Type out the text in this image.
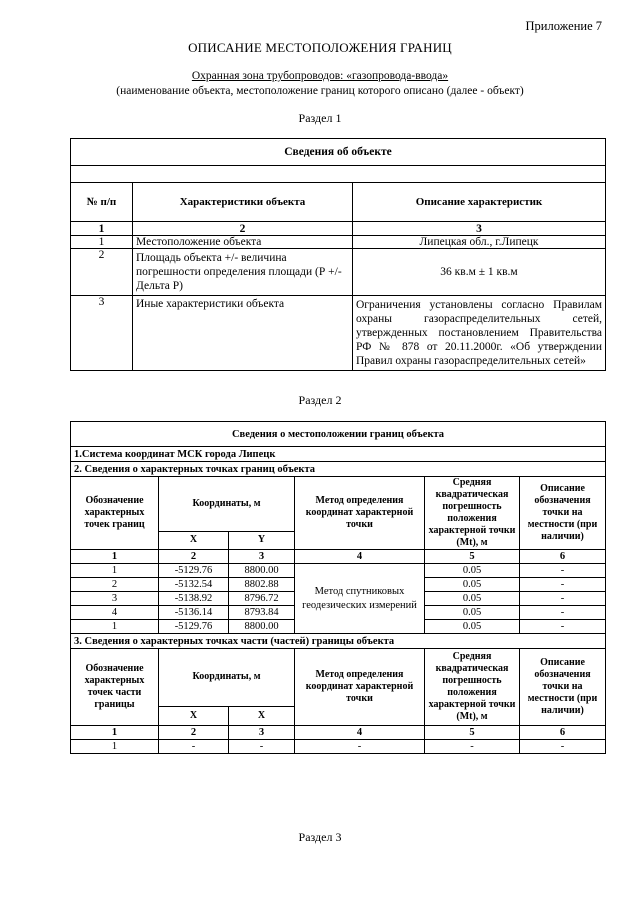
Приложение 7
ОПИСАНИЕ МЕСТОПОЛОЖЕНИЯ ГРАНИЦ
Охранная зона трубопроводов: «газопровода-ввода»
(наименование объекта, местоположение границ которого описано (далее - объект)
Раздел 1
Сведения об объекте		

№ п/п	Характеристики объекта	Описание характеристик
1	2	3
1	Местоположение объекта	Липецкая обл., г.Липецк
2	Площадь объекта +/- величина погрешности определения площади (Р +/- Дельта Р)	36 кв.м ± 1 кв.м
3	Иные характеристики объекта	Ограничения установлены согласно Правилам охраны газораспределительных сетей, утвержденных постановлением Правительства РФ № 878 от 20.11.2000г. «Об утверждении Правил охраны газораспределительных сетей»
Раздел 2
Сведения о местоположении границ объекта					
1.Система координат МСК города Липецк					
2. Сведения о характерных точках границ объекта					
Обозначение характерных точек границ	Координаты, м		Метод определения координат характерной точки	Средняя квадратическая погрешность положения характерной точки (Mt), м	Описание обозначения точки на местности (при наличии)
	X	Y			
1	2	3	4	5	6
1	-5129.76	8800.00	Метод спутниковых геодезических измерений	0.05	-
2	-5132.54	8802.88		0.05	-
3	-5138.92	8796.72		0.05	-
4	-5136.14	8793.84		0.05	-
1	-5129.76	8800.00		0.05	-
3. Сведения о характерных точках части (частей) границы объекта					
Обозначение характерных точек части границы	Координаты, м		Метод определения координат характерной точки	Средняя квадратическая погрешность положения характерной точки (Mt), м	Описание обозначения точки на местности (при наличии)
	X	X			
1	2	3	4	5	6
1	-	-	-	-	-
Раздел 3
